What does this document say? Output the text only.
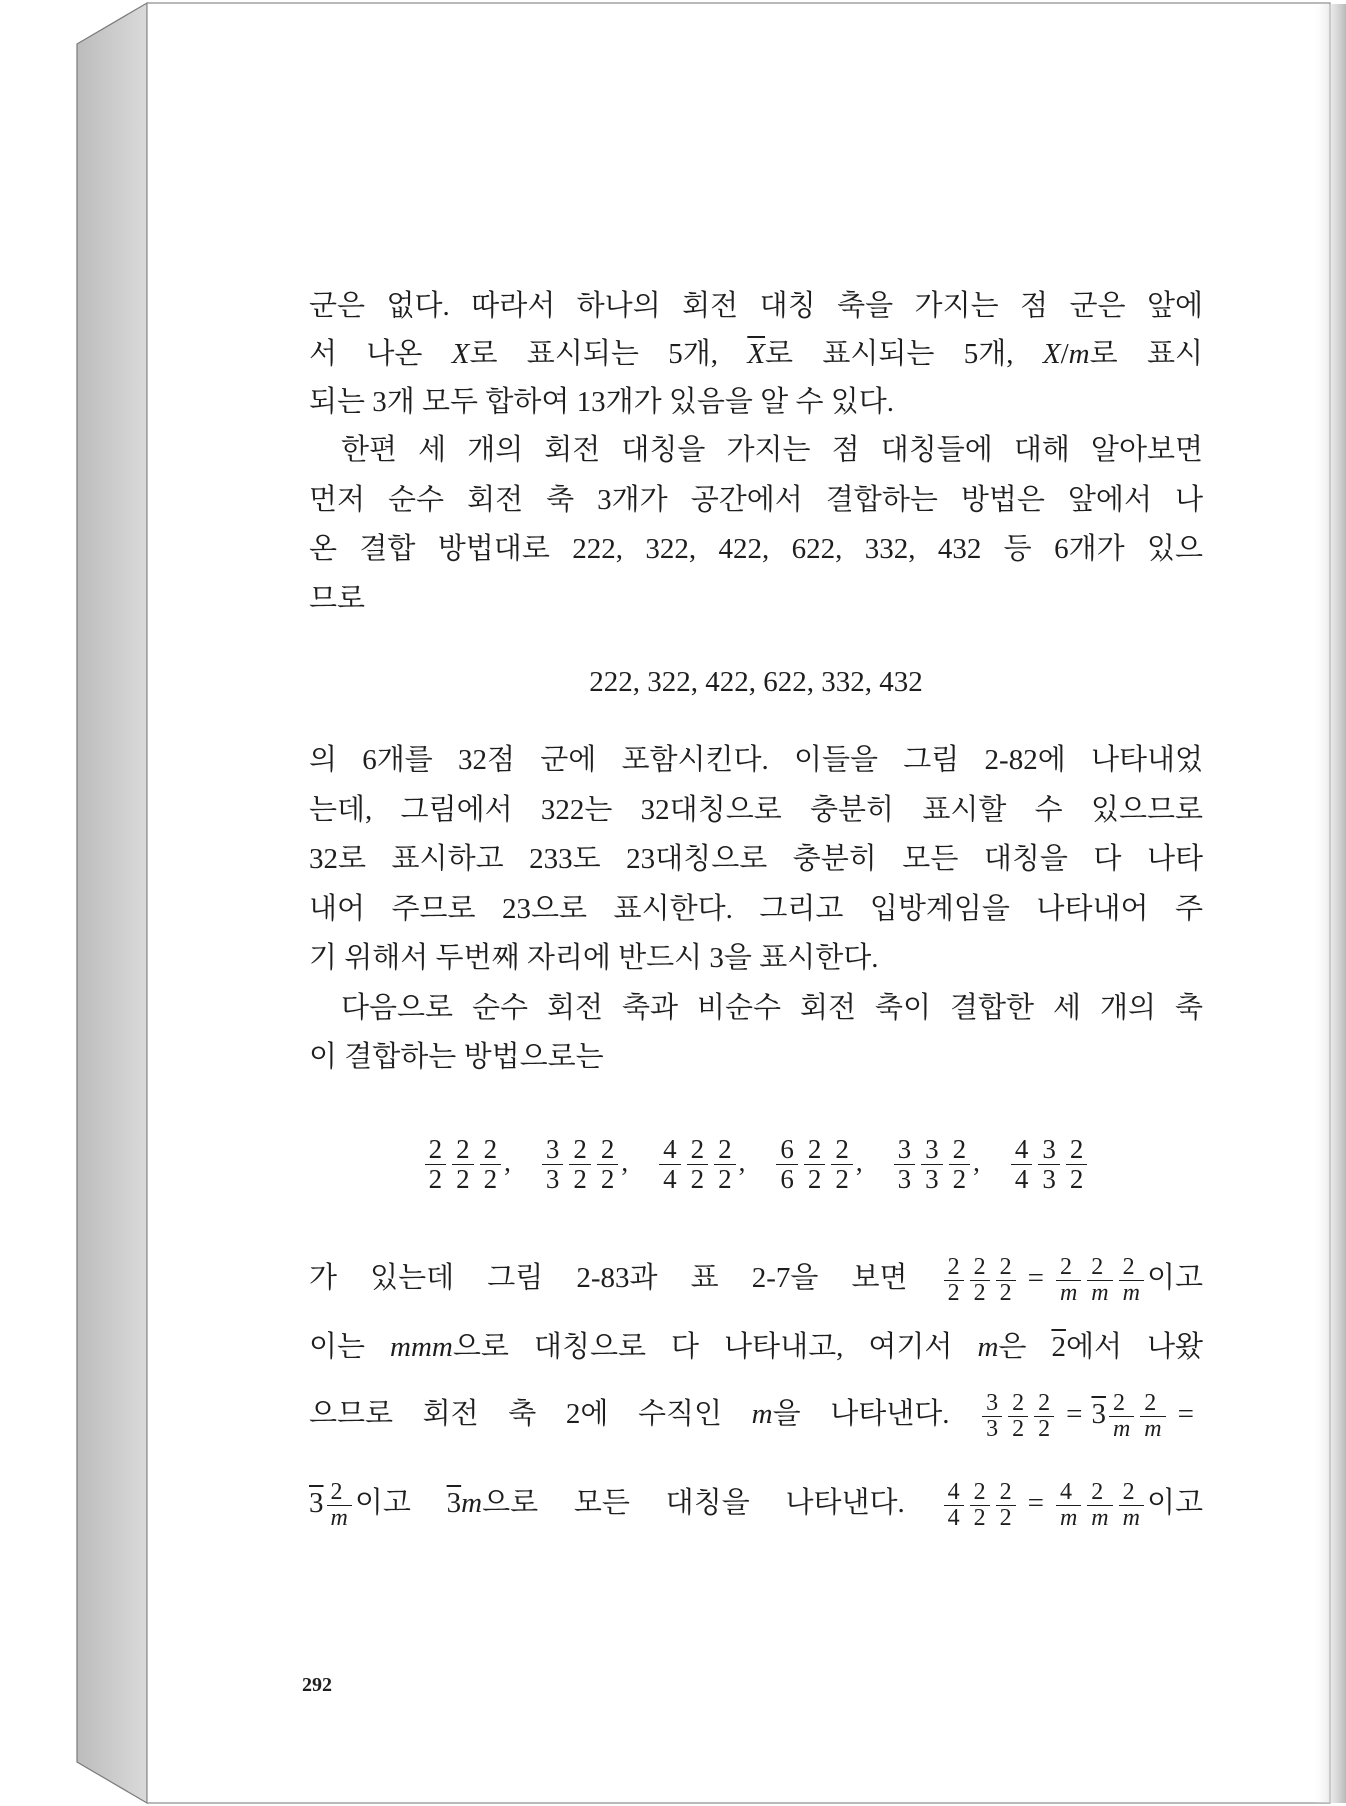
군은 없다. 따라서 하나의 회전 대칭 축을 가지는 점 군은 앞에
서 나온 X로 표시되는 5개, $\overline{X}$로 표시되는 5개, X/m로 표시
되는 3개 모두 합하여 13개가 있음을 알 수 있다.
한편 세 개의 회전 대칭을 가지는 점 대칭들에 대해 알아보면
먼저 순수 회전 축 3개가 공간에서 결합하는 방법은 앞에서 나
온 결합 방법대로 222, 322, 422, 622, 332, 432 등 6개가 있으
므로
222, 322, 422, 622, 332, 432
의 6개를 32점 군에 포함시킨다. 이들을 그림 2-82에 나타내었
는데, 그림에서 322는 32대칭으로 충분히 표시할 수 있으므로
32로 표시하고 233도 23대칭으로 충분히 모든 대칭을 다 나타
내어 주므로 23으로 표시한다. 그리고 입방계임을 나타내어 주
기 위해서 두번째 자리에 반드시 3을 표시한다.
다음으로 순수 회전 축과 비순수 회전 축이 결합한 세 개의 축
이 결합하는 방법으로는
$\frac{2}{2} \frac{2}{2} \frac{2}{2}$ , $\frac{3}{3} \frac{2}{2} \frac{2}{2}$ , $\frac{4}{4} \frac{2}{2} \frac{2}{2}$ , $\frac{6}{6} \frac{2}{2} \frac{2}{2}$ , $\frac{3}{3} \frac{3}{3} \frac{2}{2}$ , $\frac{4}{4} \frac{3}{3} \frac{2}{2}$
가 있는데 그림 2-83과 표 2-7을 보면 $\frac{2}{2} \frac{2}{2} \frac{2}{2} = \frac{2}{m} \frac{2}{m} \frac{2}{m}$ 이고
이는 mmm으로 대칭으로 다 나타내고, 여기서 m은 2에서 나왔
으므로 회전 축 2에 수직인 m을 나타낸다. $\frac{3}{3} \frac{2}{2} \frac{2}{2} = 3 \frac{2}{m} \frac{2}{m}$ =
$3 \frac{2}{m}$ 이고 3m으로 모든 대칭을 나타낸다. $\frac{4}{4} \frac{2}{2} \frac{2}{2} = \frac{4}{m} \frac{2}{m} \frac{2}{m}$ 이고
292
